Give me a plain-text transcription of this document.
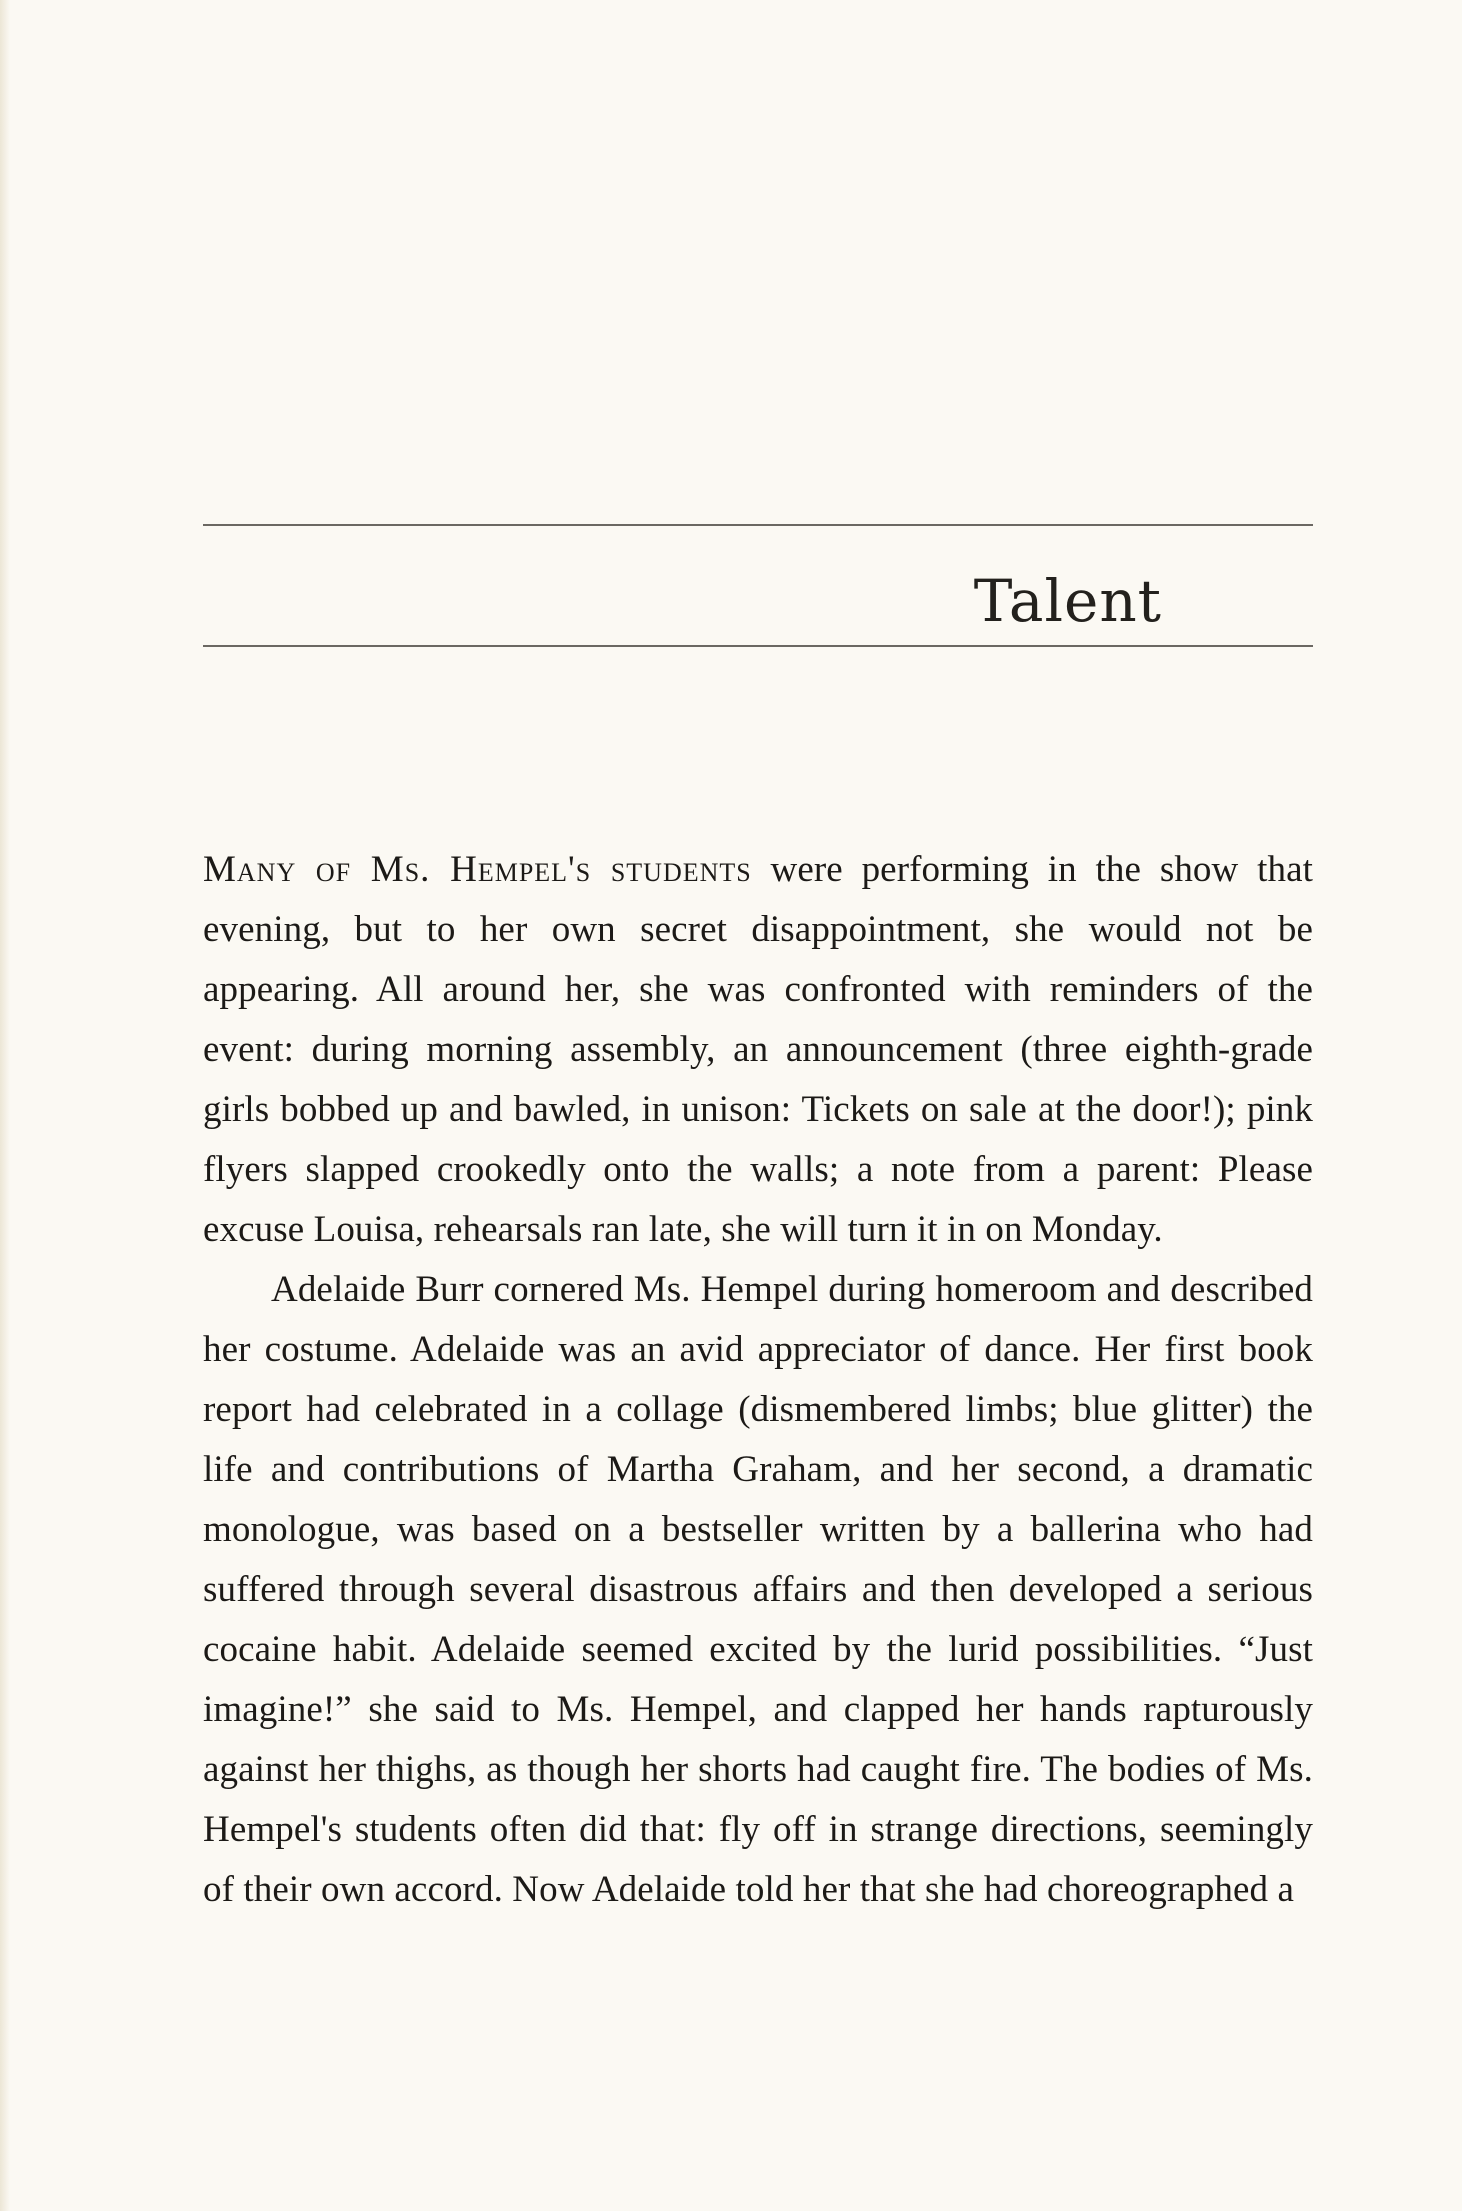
Talent

Many of Ms. Hempel's students were performing in the show that evening, but to her own secret disappointment, she would not be appearing. All around her, she was confronted with reminders of the event: during morning assembly, an announcement (three eighth-grade girls bobbed up and bawled, in unison: Tickets on sale at the door!); pink flyers slapped crookedly onto the walls; a note from a parent: Please excuse Louisa, rehearsals ran late, she will turn it in on Monday.

Adelaide Burr cornered Ms. Hempel during homeroom and described her costume. Adelaide was an avid appreciator of dance. Her first book report had celebrated in a collage (dismembered limbs; blue glitter) the life and contributions of Martha Graham, and her second, a dramatic monologue, was based on a bestseller written by a ballerina who had suffered through several disastrous affairs and then developed a serious cocaine habit. Adelaide seemed excited by the lurid possibilities. “Just imagine!” she said to Ms. Hempel, and clapped her hands rapturously against her thighs, as though her shorts had caught fire. The bodies of Ms. Hempel's students often did that: fly off in strange directions, seemingly of their own accord. Now Adelaide told her that she had choreographed a
